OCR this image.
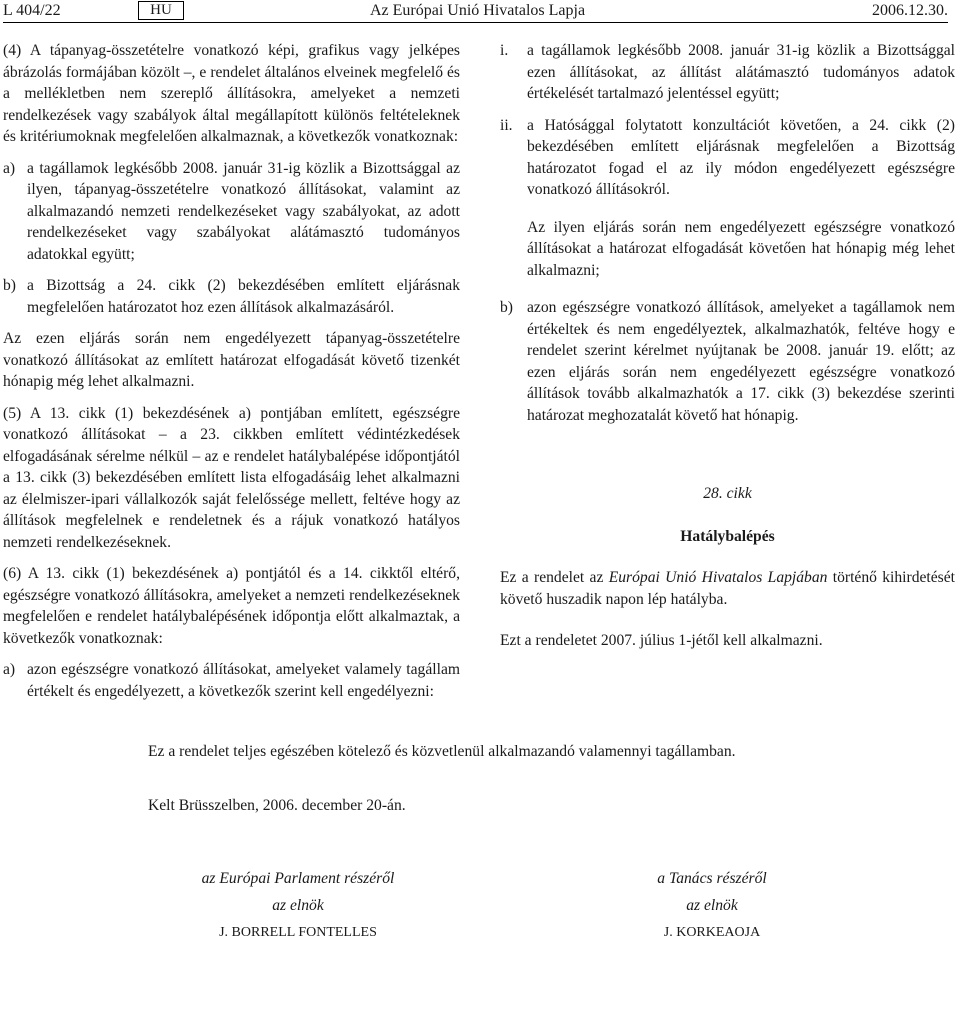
L 404/22	HU	Az Európai Unió Hivatalos Lapja	2006.12.30.

(4) A tápanyag-összetételre vonatkozó képi, grafikus vagy jelképes ábrázolás formájában közölt –, e rendelet általános elveinek megfelelő és a mellékletben nem szereplő állításokra, amelyeket a nemzeti rendelkezések vagy szabályok által megállapított különös feltételeknek és kritériumoknak megfelelően alkalmaznak, a következők vonatkoznak:

a) a tagállamok legkésőbb 2008. január 31-ig közlik a Bizottsággal az ilyen, tápanyag-összetételre vonatkozó állításokat, valamint az alkalmazandó nemzeti rendelkezéseket vagy szabályokat, az adott rendelkezéseket vagy szabályokat alátámasztó tudományos adatokkal együtt;

b) a Bizottság a 24. cikk (2) bekezdésében említett eljárásnak megfelelően határozatot hoz ezen állítások alkalmazásáról.

Az ezen eljárás során nem engedélyezett tápanyag-összetételre vonatkozó állításokat az említett határozat elfogadását követő tizenkét hónapig még lehet alkalmazni.

(5) A 13. cikk (1) bekezdésének a) pontjában említett, egészségre vonatkozó állításokat – a 23. cikkben említett védintézkedések elfogadásának sérelme nélkül – az e rendelet hatálybalépése időpontjától a 13. cikk (3) bekezdésében említett lista elfogadásáig lehet alkalmazni az élelmiszer-ipari vállalkozók saját felelőssége mellett, feltéve hogy az állítások megfelelnek e rendeletnek és a rájuk vonatkozó hatályos nemzeti rendelkezéseknek.

(6) A 13. cikk (1) bekezdésének a) pontjától és a 14. cikktől eltérő, egészségre vonatkozó állításokra, amelyeket a nemzeti rendelkezéseknek megfelelően e rendelet hatálybalépésének időpontja előtt alkalmaztak, a következők vonatkoznak:

a) azon egészségre vonatkozó állításokat, amelyeket valamely tagállam értékelt és engedélyezett, a következők szerint kell engedélyezni:

i. a tagállamok legkésőbb 2008. január 31-ig közlik a Bizottsággal ezen állításokat, az állítást alátámasztó tudományos adatok értékelését tartalmazó jelentéssel együtt;

ii. a Hatósággal folytatott konzultációt követően, a 24. cikk (2) bekezdésében említett eljárásnak megfelelően a Bizottság határozatot fogad el az ily módon engedélyezett egészségre vonatkozó állításokról.

Az ilyen eljárás során nem engedélyezett egészségre vonatkozó állításokat a határozat elfogadását követően hat hónapig még lehet alkalmazni;

b) azon egészségre vonatkozó állítások, amelyeket a tagállamok nem értékeltek és nem engedélyeztek, alkalmazhatók, feltéve hogy e rendelet szerint kérelmet nyújtanak be 2008. január 19. előtt; az ezen eljárás során nem engedélyezett egészségre vonatkozó állítások tovább alkalmazhatók a 17. cikk (3) bekezdése szerinti határozat meghozatalát követő hat hónapig.

28. cikk

Hatálybalépés

Ez a rendelet az Európai Unió Hivatalos Lapjában történő kihirdetését követő huszadik napon lép hatályba.

Ezt a rendeletet 2007. július 1-jétől kell alkalmazni.

Ez a rendelet teljes egészében kötelező és közvetlenül alkalmazandó valamennyi tagállamban.
Kelt Brüsszelben, 2006. december 20-án.
az Európai Parlament részéről
az elnök
J. BORRELL FONTELLES
a Tanács részéről
az elnök
J. KORKEAOJA
